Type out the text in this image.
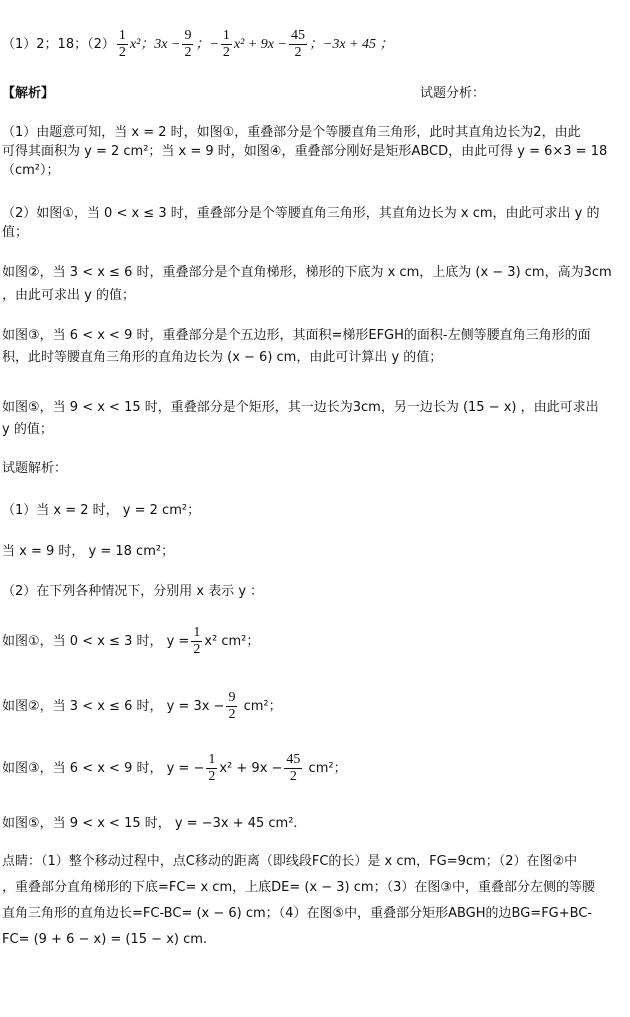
（1）2；18；$(2) \frac{1}{2} x^2$；$3x - \frac{9}{2}$ ；− $\frac{1}{2} x^2 + 9x - \frac{45}{2}$ ；−3x + 45 ；
【解析】	试题分析：
（1）由题意可知，当 x = 2 时，如图①，重叠部分是个等腰直角三角形，此时其直角边长为2，由此
可得其面积为 y = 2 cm²；当 x = 9 时，如图④，重叠部分刚好是矩形ABCD，由此可得 y = 6×3 = 18
（cm²）；
（2）如图①，当 0 < x ≤ 3 时，重叠部分是个等腰直角三角形，其直角边长为 x cm，由此可求出 y 的
值；
如图②，当 3 < x ≤ 6 时，重叠部分是个直角梯形，梯形的下底为 x cm，上底为 (x − 3) cm，高为3cm
，由此可求出 y 的值；
如图③，当 6 < x < 9 时，重叠部分是个五边形，其面积=梯形EFGH的面积-左侧等腰直角三角形的面
积，此时等腰直角三角形的直角边长为 (x − 6) cm，由此可计算出 y 的值；
如图⑤，当 9 < x < 15 时，重叠部分是个矩形，其一边长为3cm，另一边长为 (15 − x) ，由此可求出
y 的值；
试题解析：
（1）当 x = 2 时， y = 2 cm²；
当 x = 9 时， y = 18 cm²；
（2）在下列各种情况下，分别用 x 表示 y ：
如图①，当 0 < x ≤ 3 时， $y = \frac{1}{2} x^2$ cm²；
如图②，当 3 < x ≤ 6 时， $y = 3x - \frac{9}{2} cm^2$；
如图③，当 6 < x < 9 时， y = − $\frac{1}{2} x^2 + 9x - \frac{45}{2} cm^2$；
如图⑤，当 9 < x < 15 时， y = −3x + 45 cm².
点睛：（1）整个移动过程中，点C移动的距离（即线段FC的长）是 x cm，FG=9cm；（2）在图②中
，重叠部分直角梯形的下底=FC= x cm，上底DE= (x − 3) cm；（3）在图③中，重叠部分左侧的等腰
直角三角形的直角边长=FC-BC= (x − 6) cm；（4）在图⑤中，重叠部分矩形ABGH的边BG=FG+BC-
FC= (9 + 6 − x) = (15 − x) cm.
